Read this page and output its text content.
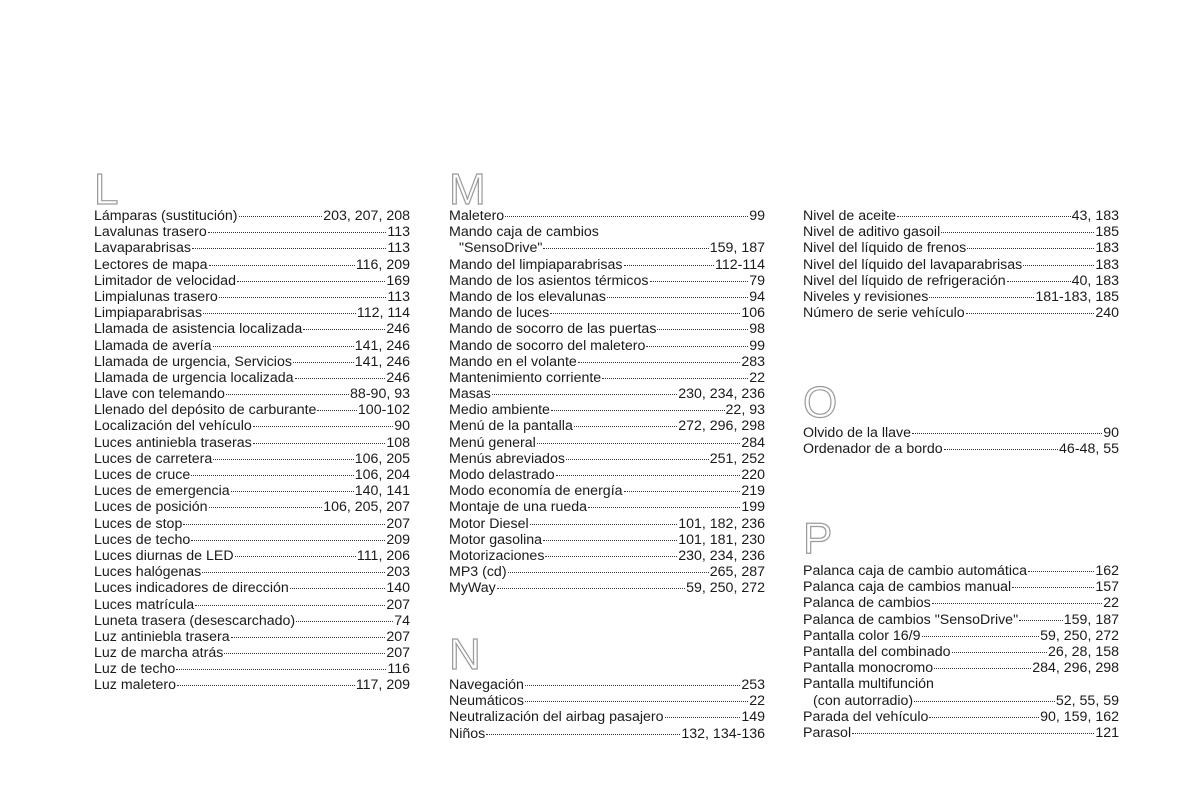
L
Lámparas (sustitución)	203, 207, 208
Lavalunas trasero	113
Lavaparabrisas	113
Lectores de mapa	116, 209
Limitador de velocidad	169
Limpialunas trasero	113
Limpiaparabrisas	112, 114
Llamada de asistencia localizada	246
Llamada de avería	141, 246
Llamada de urgencia, Servicios	141, 246
Llamada de urgencia localizada	246
Llave con telemando	88-90, 93
Llenado del depósito de carburante	100-102
Localización del vehículo	90
Luces antiniebla traseras	108
Luces de carretera	106, 205
Luces de cruce	106, 204
Luces de emergencia	140, 141
Luces de posición	106, 205, 207
Luces de stop	207
Luces de techo	209
Luces diurnas de LED	111, 206
Luces halógenas	203
Luces indicadores de dirección	140
Luces matrícula	207
Luneta trasera (desescarchado)	74
Luz antiniebla trasera	207
Luz de marcha atrás	207
Luz de techo	116
Luz maletero	117, 209
M
Maletero	99
Mando caja de cambios
"SensoDrive"	159, 187
Mando del limpiaparabrisas	112-114
Mando de los asientos térmicos	79
Mando de los elevalunas	94
Mando de luces	106
Mando de socorro de las puertas	98
Mando de socorro del maletero	99
Mando en el volante	283
Mantenimiento corriente	22
Masas	230, 234, 236
Medio ambiente	22, 93
Menú de la pantalla	272, 296, 298
Menú general	284
Menús abreviados	251, 252
Modo delastrado	220
Modo economía de energía	219
Montaje de una rueda	199
Motor Diesel	101, 182, 236
Motor gasolina	101, 181, 230
Motorizaciones	230, 234, 236
MP3 (cd)	265, 287
MyWay	59, 250, 272
N
Navegación	253
Neumáticos	22
Neutralización del airbag pasajero	149
Niños	132, 134-136
Nivel de aceite	43, 183
Nivel de aditivo gasoil	185
Nivel del líquido de frenos	183
Nivel del líquido del lavaparabrisas	183
Nivel del líquido de refrigeración	40, 183
Niveles y revisiones	181-183, 185
Número de serie vehículo	240
O
Olvido de la llave	90
Ordenador de a bordo	46-48, 55
P
Palanca caja de cambio automática	162
Palanca caja de cambios manual	157
Palanca de cambios	22
Palanca de cambios "SensoDrive"	159, 187
Pantalla color 16/9	59, 250, 272
Pantalla del combinado	26, 28, 158
Pantalla monocromo	284, 296, 298
Pantalla multifunción
(con autorradio)	52, 55, 59
Parada del vehículo	90, 159, 162
Parasol	121
